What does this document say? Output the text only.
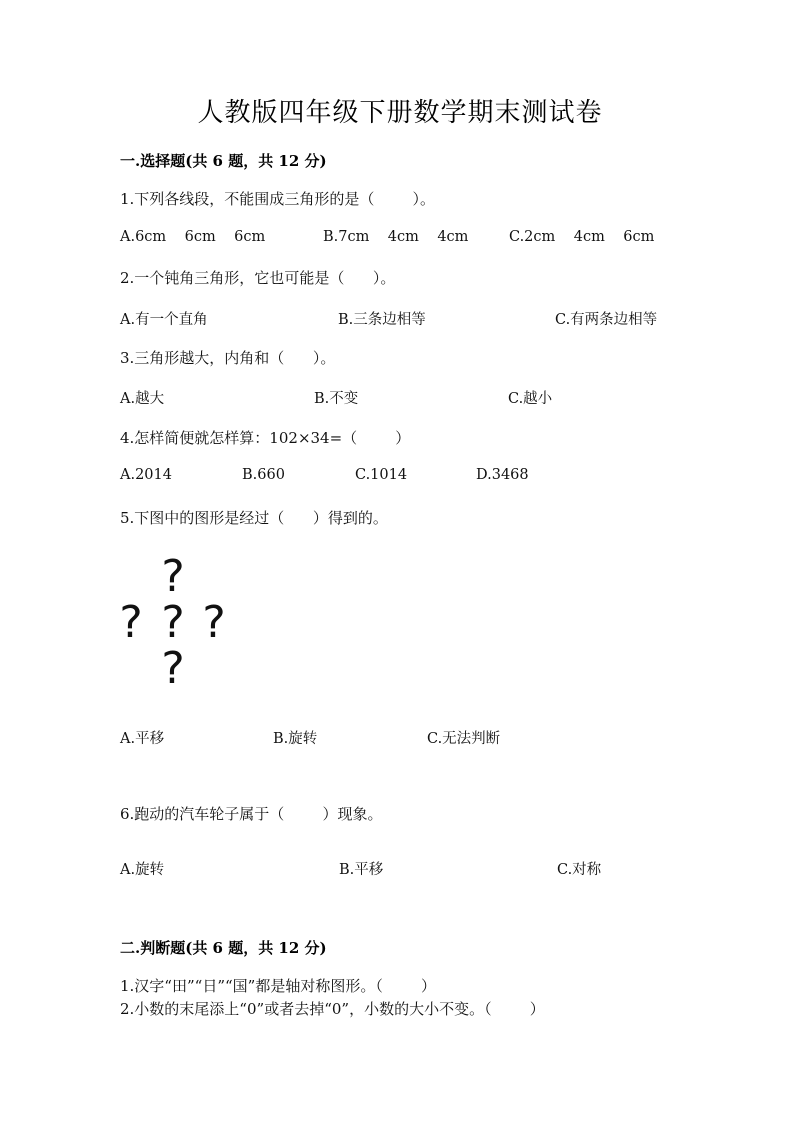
人教版四年级下册数学期末测试卷
一.选择题(共 6 题，共 12 分)
1.下列各线段，不能围成三角形的是（        ）。
A.6cm    6cm    6cm	B.7cm    4cm    4cm	C.2cm    4cm    6cm
2.一个钝角三角形，它也可能是（      ）。
A.有一个直角	B.三条边相等	C.有两条边相等
3.三角形越大，内角和（      ）。
A.越大	B.不变	C.越小
4.怎样简便就怎样算：102×34=（        ）
A.2014	B.660	C.1014	D.3468
5.下图中的图形是经过（      ）得到的。
?
? ? ?
?
A.平移	B.旋转	C.无法判断
6.跑动的汽车轮子属于（        ）现象。
A.旋转	B.平移	C.对称
二.判断题(共 6 题，共 12 分)
1.汉字“田”“日”“国”都是轴对称图形。（        ）
2.小数的末尾添上“0”或者去掉“0”，小数的大小不变。（        ）
